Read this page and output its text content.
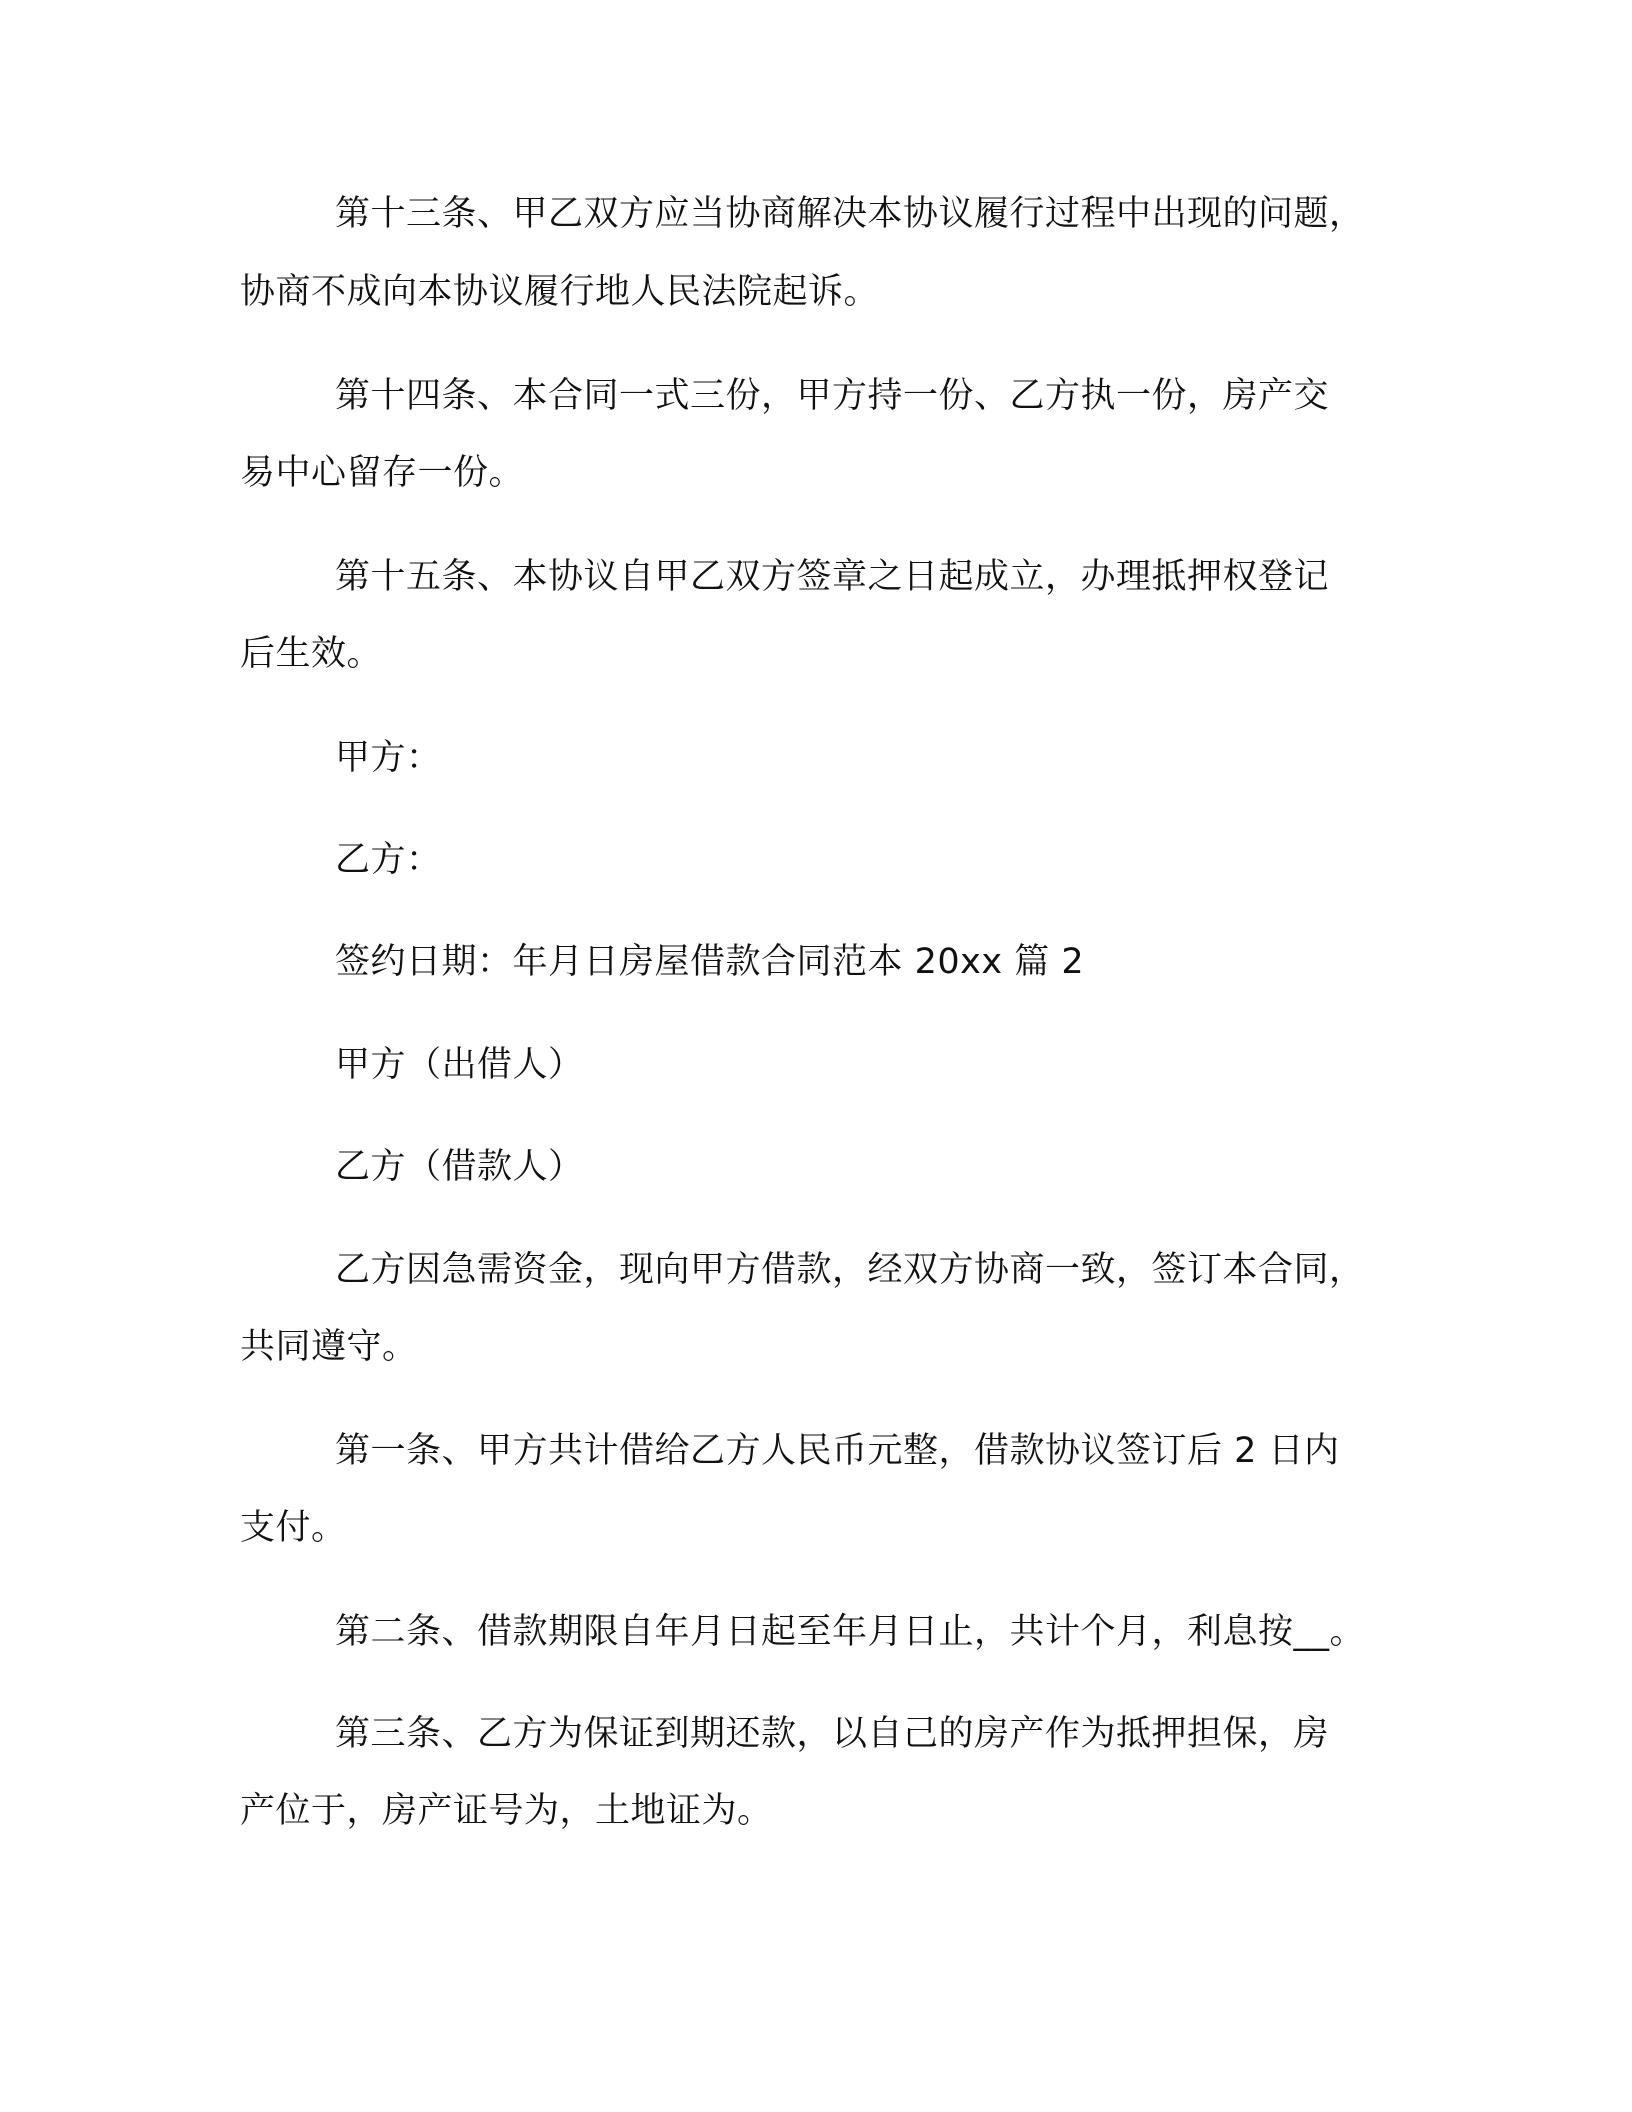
第十三条、甲乙双方应当协商解决本协议履行过程中出现的问题，
协商不成向本协议履行地人民法院起诉。
第十四条、本合同一式三份，甲方持一份、乙方执一份，房产交
易中心留存一份。
第十五条、本协议自甲乙双方签章之日起成立，办理抵押权登记
后生效。
甲方：
乙方：
签约日期：年月日房屋借款合同范本 20xx 篇 2
甲方（出借人）
乙方（借款人）
乙方因急需资金，现向甲方借款，经双方协商一致，签订本合同，
共同遵守。
第一条、甲方共计借给乙方人民币元整，借款协议签订后 2 日内
支付。
第二条、借款期限自年月日起至年月日止，共计个月，利息按__。
第三条、乙方为保证到期还款，以自己的房产作为抵押担保，房
产位于，房产证号为，土地证为。
